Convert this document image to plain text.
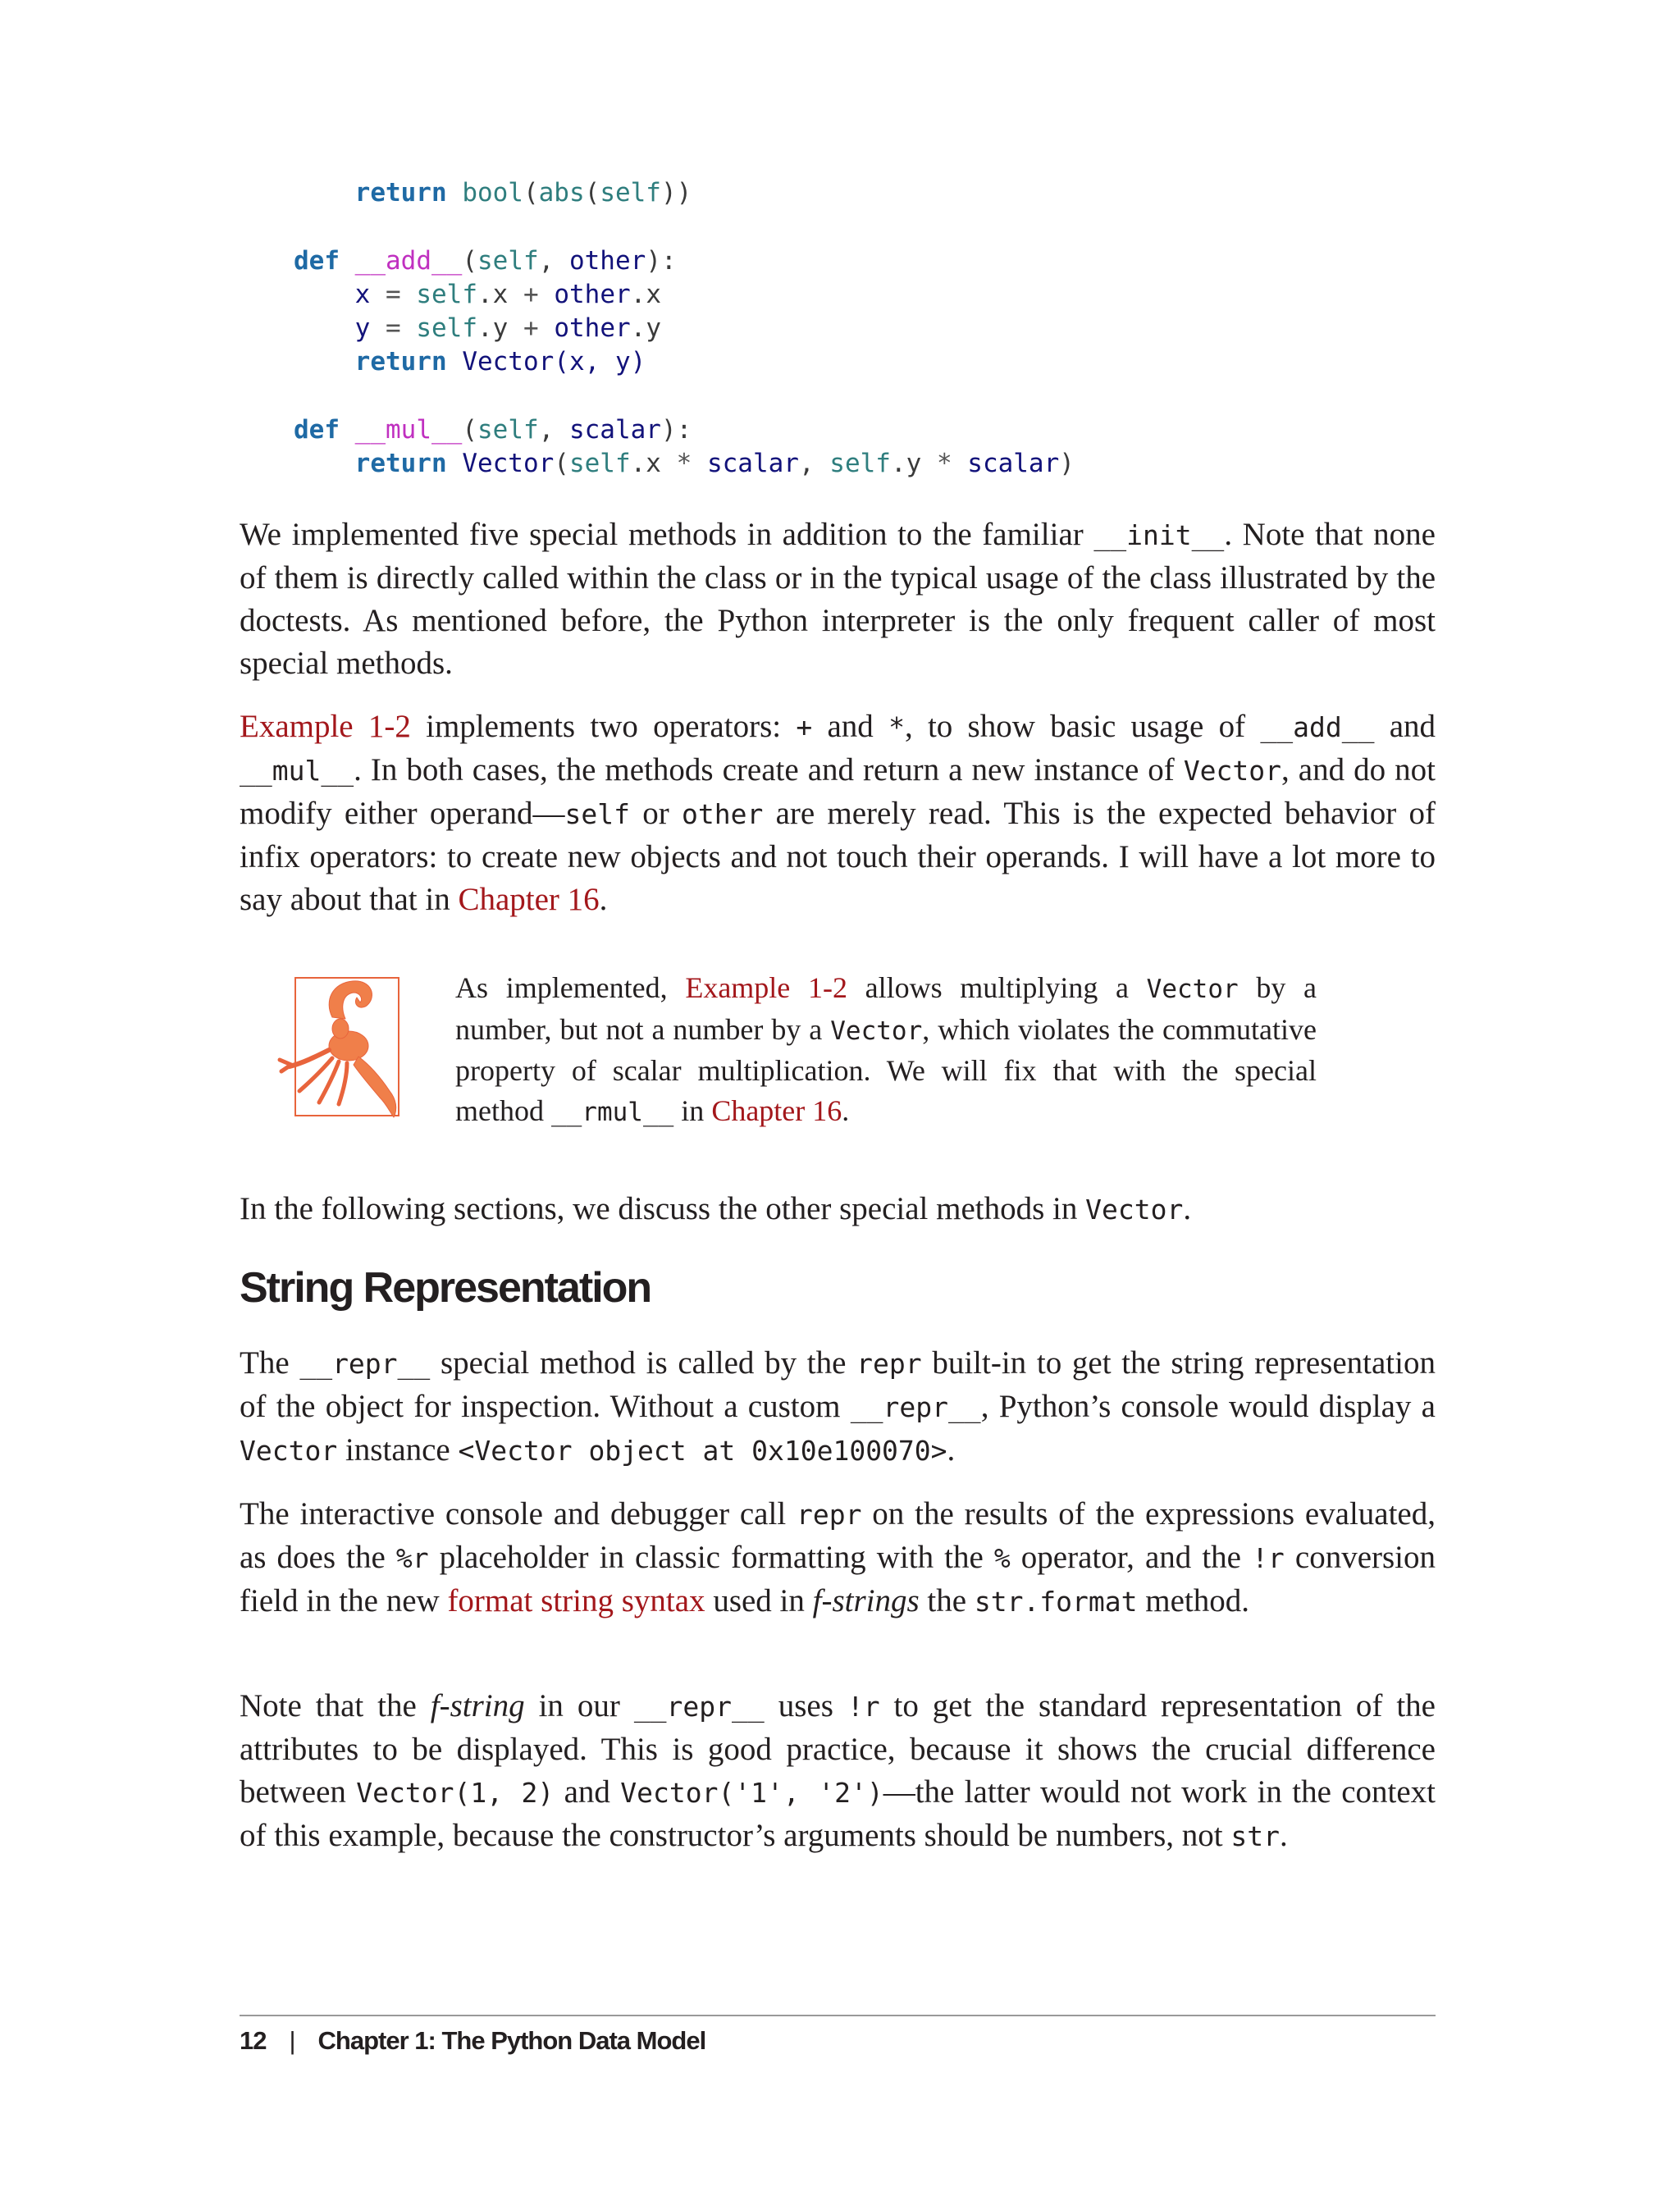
return bool(abs(self))

def __add__(self, other):
x = self.x + other.x
y = self.y + other.y
return Vector(x, y)

def __mul__(self, scalar):
return Vector(self.x * scalar, self.y * scalar)

We implemented five special methods in addition to the familiar __init__. Note that none of them is directly called within the class or in the typical usage of the class illustrated by the doctests. As mentioned before, the Python interpreter is the only frequent caller of most special methods.

Example 1-2 implements two operators: + and *, to show basic usage of __add__ and __mul__. In both cases, the methods create and return a new instance of Vector, and do not modify either operand—self or other are merely read. This is the expected behavior of infix operators: to create new objects and not touch their operands. I will have a lot more to say about that in Chapter 16.

As implemented, Example 1-2 allows multiplying a Vector by a number, but not a number by a Vector, which violates the commutative property of scalar multiplication. We will fix that with the special method __rmul__ in Chapter 16.

In the following sections, we discuss the other special methods in Vector.

String Representation

The __repr__ special method is called by the repr built-in to get the string representation of the object for inspection. Without a custom __repr__, Python’s console would display a Vector instance <Vector object at 0x10e100070>.

The interactive console and debugger call repr on the results of the expressions evaluated, as does the %r placeholder in classic formatting with the % operator, and the !r conversion field in the new format string syntax used in f-strings the str.format method.

Note that the f-string in our __repr__ uses !r to get the standard representation of the attributes to be displayed. This is good practice, because it shows the crucial difference between Vector(1, 2) and Vector('1', '2')—the latter would not work in the context of this example, because the constructor’s arguments should be numbers, not str.

12 | Chapter 1: The Python Data Model
